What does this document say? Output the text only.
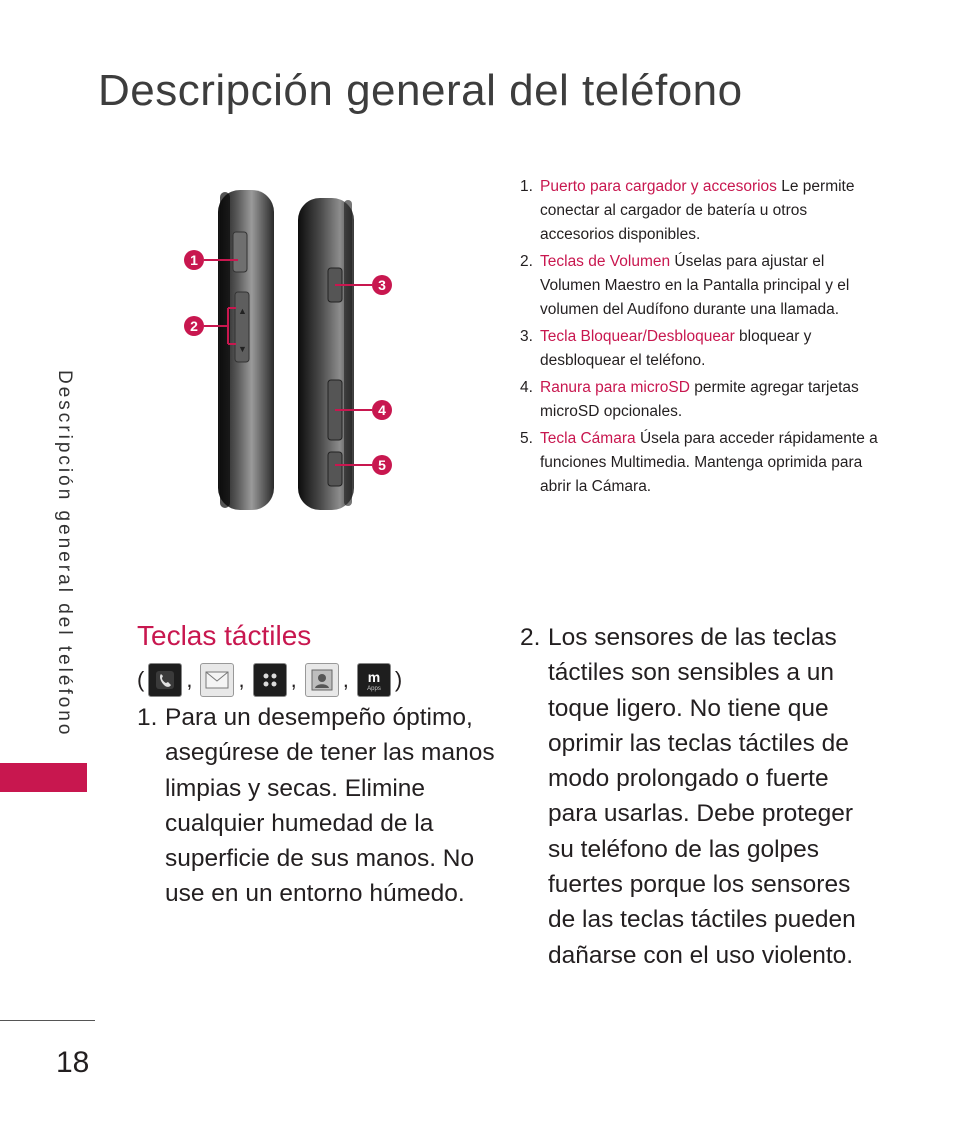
Descripción general del teléfono
Descripción general del teléfono
▲
▼
1
2
3
4
5
1. Puerto para cargador y accesorios Le permite conectar al cargador de batería u otros accesorios disponibles.
2. Teclas de Volumen Úselas para ajustar el Volumen Maestro en la Pantalla principal y el volumen del Audífono durante una llamada.
3. Tecla Bloquear/Desbloquear bloquear y desbloquear el teléfono.
4. Ranura para microSD permite agregar tarjetas microSD opcionales.
5. Tecla Cámara Úsela para acceder rápidamente a funciones Multimedia. Mantenga oprimida para abrir la Cámara.
Teclas táctiles
( , , , , m
Apps )
1. Para un desempeño óptimo, asegúrese de tener las manos limpias y secas. Elimine cualquier humedad de la superficie de sus manos. No use en un entorno húmedo.
2. Los sensores de las teclas táctiles son sensibles a un toque ligero. No tiene que oprimir las teclas táctiles de modo prolongado o fuerte para usarlas. Debe proteger su teléfono de las golpes fuertes porque los sensores de las teclas táctiles pueden dañarse con el uso violento.
18
